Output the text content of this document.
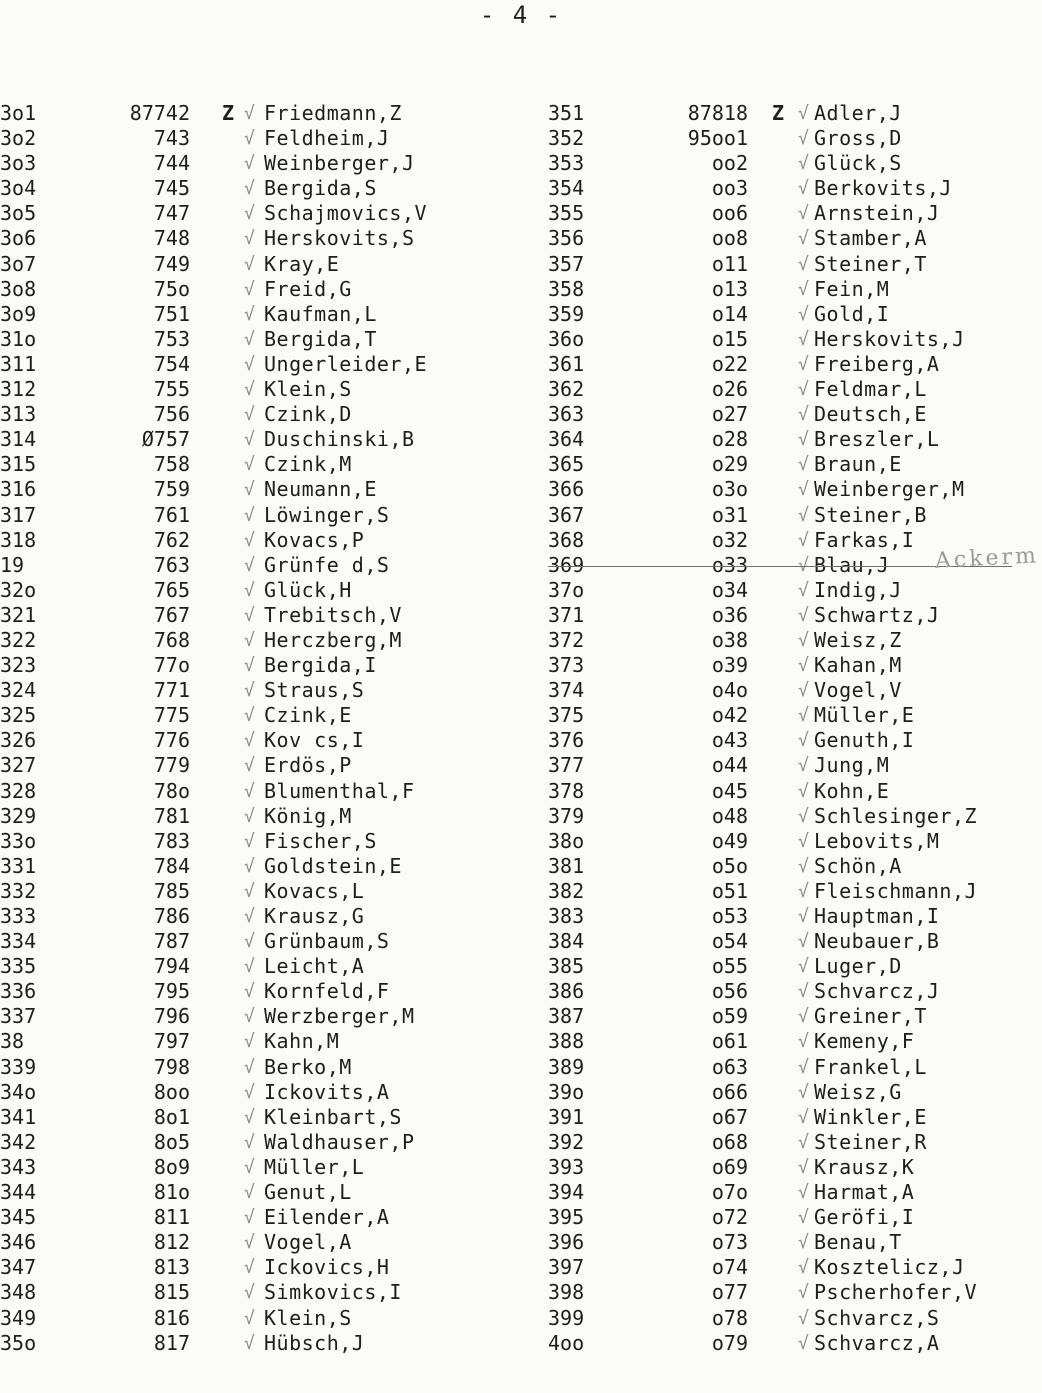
- 4 -
3o1	87742 Z √ Friedmann,Z
3o2	743	√ Feldheim,J
3o3	744	√ Weinberger,J
3o4	745	√ Bergida,S
3o5	747	√ Schajmovics,V
3o6	748	√ Herskovits,S
3o7	749	√ Kray,E
3o8	75o	√ Freid,G
3o9	751	√ Kaufman,L
31o	753	√ Bergida,T
311	754	√ Ungerleider,E
312	755	√ Klein,S
313	756	√ Czink,D
314	Ø757	√ Duschinski,B
315	758	√ Czink,M
316	759	√ Neumann,E
317	761	√ Löwinger,S
318	762	√ Kovacs,P
19	763	√ Grünfe d,S
32o	765	√ Glück,H
321	767	√ Trebitsch,V
322	768	√ Herczberg,M
323	77o	√ Bergida,I
324	771	√ Straus,S
325	775	√ Czink,E
326	776	√ Kov cs,I
327	779	√ Erdös,P
328	78o	√ Blumenthal,F
329	781	√ König,M
33o	783	√ Fischer,S
331	784	√ Goldstein,E
332	785	√ Kovacs,L
333	786	√ Krausz,G
334	787	√ Grünbaum,S
335	794	√ Leicht,A
336	795	√ Kornfeld,F
337	796	√ Werzberger,M
38	797	√ Kahn,M
339	798	√ Berko,M
34o	8oo	√ Ickovits,A
341	8o1	√ Kleinbart,S
342	8o5	√ Waldhauser,P
343	8o9	√ Müller,L
344	81o	√ Genut,L
345	811	√ Eilender,A
346	812	√ Vogel,A
347	813	√ Ickovics,H
348	815	√ Simkovics,I
349	816	√ Klein,S
35o	817	√ Hübsch,J
351	87818 Z √ Adler,J
352	95oo1	√ Gross,D
353	oo2	√ Glück,S
354	oo3	√ Berkovits,J
355	oo6	√ Arnstein,J
356	oo8	√ Stamber,A
357	o11	√ Steiner,T
358	o13	√ Fein,M
359	o14	√ Gold,I
36o	o15	√ Herskovits,J
361	o22	√ Freiberg,A
362	o26	√ Feldmar,L
363	o27	√ Deutsch,E
364	o28	√ Breszler,L
365	o29	√ Braun,E
366	o3o	√ Weinberger,M
367	o31	√ Steiner,B
368	o32	√ Farkas,I
369	o33	√ Blau,J
37o	o34	√ Indig,J
371	o36	√ Schwartz,J
372	o38	√ Weisz,Z
373	o39	√ Kahan,M
374	o4o	√ Vogel,V
375	o42	√ Müller,E
376	o43	√ Genuth,I
377	o44	√ Jung,M
378	o45	√ Kohn,E
379	o48	√ Schlesinger,Z
38o	o49	√ Lebovits,M
381	o5o	√ Schön,A
382	o51	√ Fleischmann,J
383	o53	√ Hauptman,I
384	o54	√ Neubauer,B
385	o55	√ Luger,D
386	o56	√ Schvarcz,J
387	o59	√ Greiner,T
388	o61	√ Kemeny,F
389	o63	√ Frankel,L
39o	o66	√ Weisz,G
391	o67	√ Winkler,E
392	o68	√ Steiner,R
393	o69	√ Krausz,K
394	o7o	√ Harmat,A
395	o72	√ Geröfi,I
396	o73	√ Benau,T
397	o74	√ Kosztelicz,J
398	o77	√ Pscherhofer,V
399	o78	√ Schvarcz,S
4oo	o79	√ Schvarcz,A
Ackerm
